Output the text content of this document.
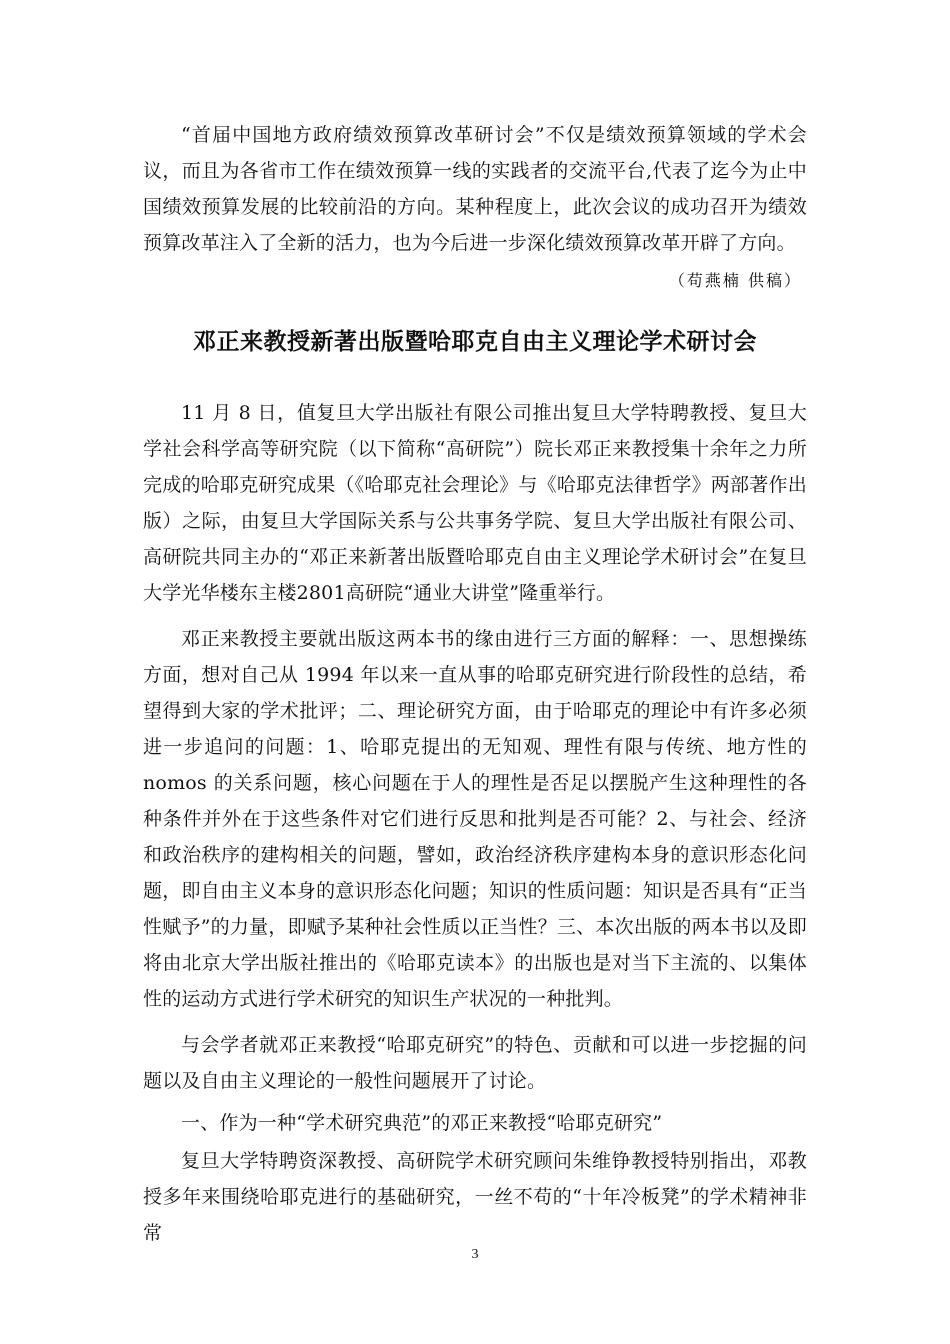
“首届中国地方政府绩效预算改革研讨会”不仅是绩效预算领域的学术会议，而且为各省市工作在绩效预算一线的实践者的交流平台,代表了迄今为止中国绩效预算发展的比较前沿的方向。某种程度上，此次会议的成功召开为绩效预算改革注入了全新的活力，也为今后进一步深化绩效预算改革开辟了方向。

（苟燕楠 供稿）
邓正来教授新著出版暨哈耶克自由主义理论学术研讨会

11 月 8 日，值复旦大学出版社有限公司推出复旦大学特聘教授、复旦大学社会科学高等研究院（以下简称“高研院”）院长邓正来教授集十余年之力所完成的哈耶克研究成果（《哈耶克社会理论》与《哈耶克法律哲学》两部著作出版）之际，由复旦大学国际关系与公共事务学院、复旦大学出版社有限公司、高研院共同主办的“邓正来新著出版暨哈耶克自由主义理论学术研讨会”在复旦大学光华楼东主楼2801高研院“通业大讲堂”隆重举行。

邓正来教授主要就出版这两本书的缘由进行三方面的解释：一、思想操练方面，想对自己从 1994 年以来一直从事的哈耶克研究进行阶段性的总结，希望得到大家的学术批评；二、理论研究方面，由于哈耶克的理论中有许多必须进一步追问的问题：1、哈耶克提出的无知观、理性有限与传统、地方性的 nomos 的关系问题，核心问题在于人的理性是否足以摆脱产生这种理性的各种条件并外在于这些条件对它们进行反思和批判是否可能？2、与社会、经济和政治秩序的建构相关的问题，譬如，政治经济秩序建构本身的意识形态化问题，即自由主义本身的意识形态化问题；知识的性质问题：知识是否具有“正当性赋予”的力量，即赋予某种社会性质以正当性？三、本次出版的两本书以及即将由北京大学出版社推出的《哈耶克读本》的出版也是对当下主流的、以集体性的运动方式进行学术研究的知识生产状况的一种批判。

与会学者就邓正来教授“哈耶克研究”的特色、贡献和可以进一步挖掘的问题以及自由主义理论的一般性问题展开了讨论。

一、作为一种“学术研究典范”的邓正来教授“哈耶克研究”

复旦大学特聘资深教授、高研院学术研究顾问朱维铮教授特别指出，邓教授多年来围绕哈耶克进行的基础研究，一丝不苟的“十年冷板凳”的学术精神非常

3
